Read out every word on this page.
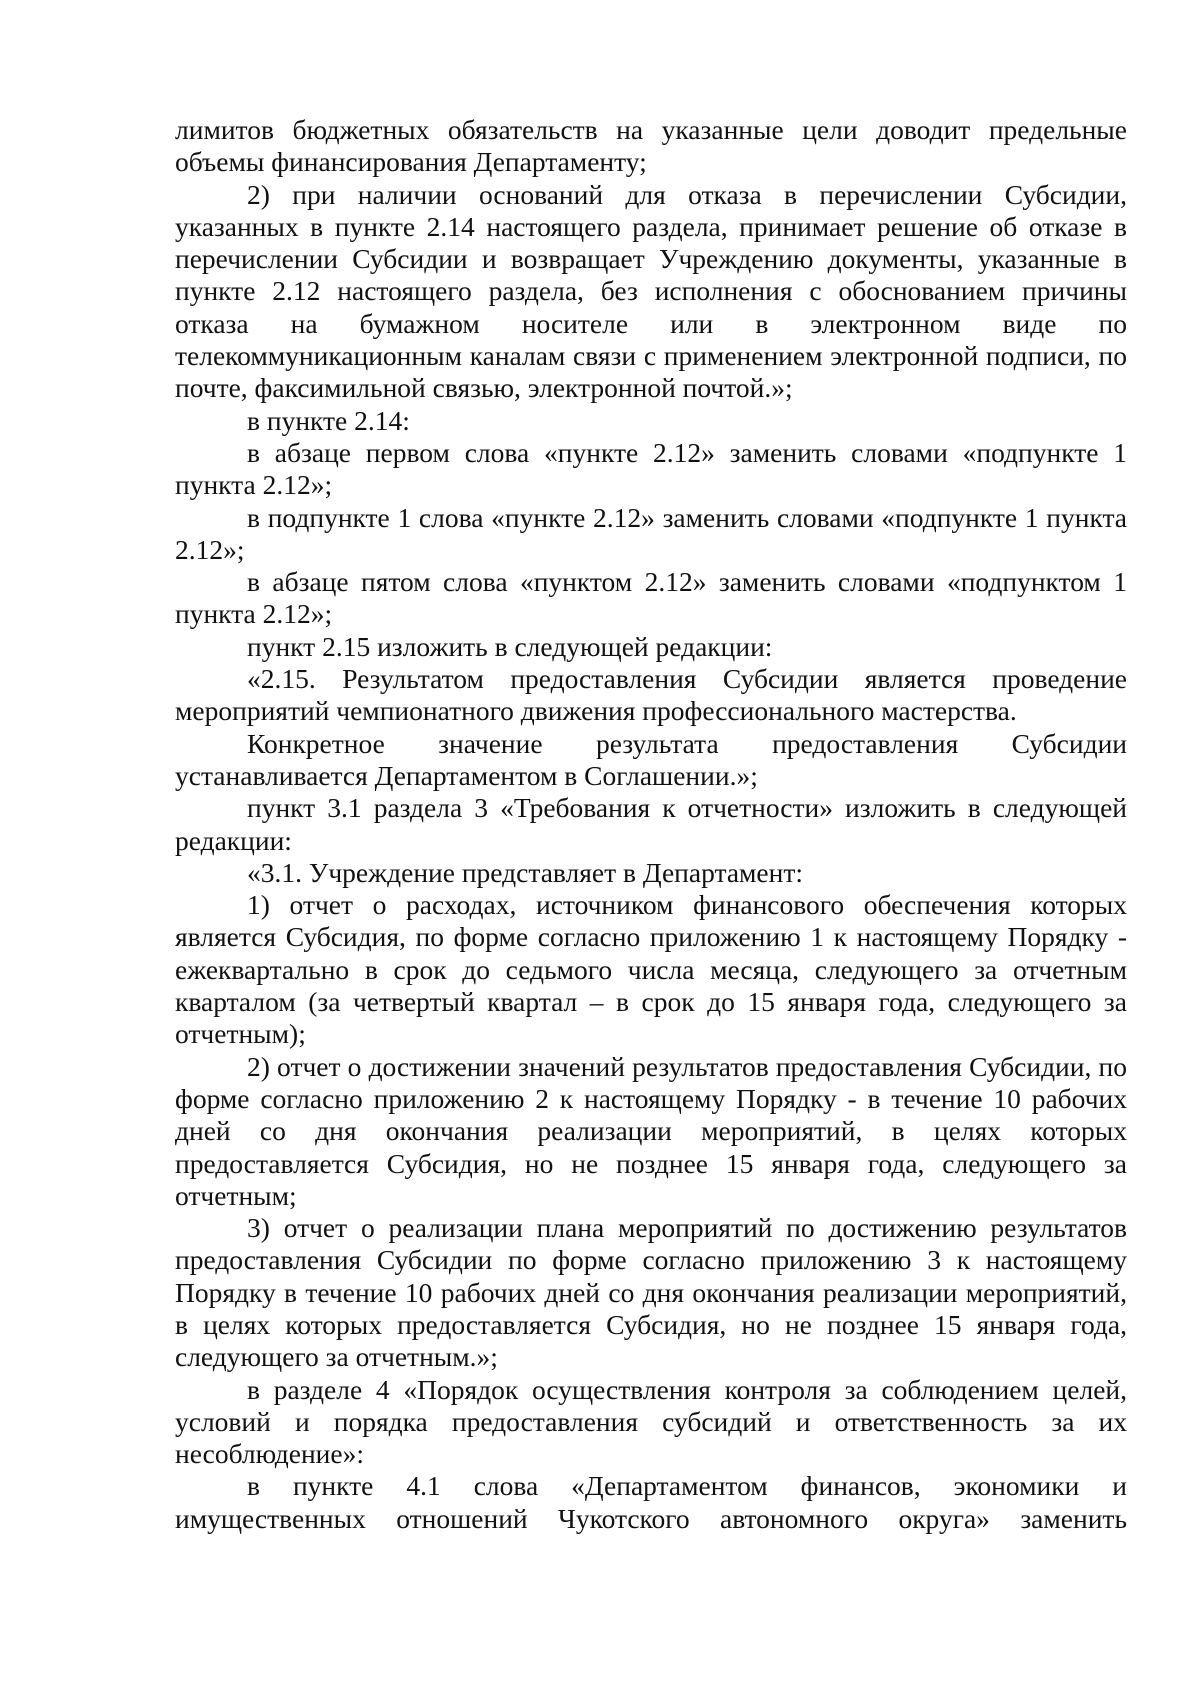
лимитов бюджетных обязательств на указанные цели доводит предельные объемы финансирования Департаменту;

2) при наличии оснований для отказа в перечислении Субсидии, указанных в пункте 2.14 настоящего раздела, принимает решение об отказе в перечислении Субсидии и возвращает Учреждению документы, указанные в пункте 2.12 настоящего раздела, без исполнения с обоснованием причины отказа на бумажном носителе или в электронном виде по телекоммуникационным каналам связи с применением электронной подписи, по почте, факсимильной связью, электронной почтой.»;

в пункте 2.14:

в абзаце первом слова «пункте 2.12» заменить словами «подпункте 1 пункта 2.12»;

в подпункте 1 слова «пункте 2.12» заменить словами «подпункте 1 пункта 2.12»;

в абзаце пятом слова «пунктом 2.12» заменить словами «подпунктом 1 пункта 2.12»;

пункт 2.15 изложить в следующей редакции:

«2.15. Результатом предоставления Субсидии является проведение мероприятий чемпионатного движения профессионального мастерства.

Конкретное значение результата предоставления Субсидии устанавливается Департаментом в Соглашении.»;

пункт 3.1 раздела 3 «Требования к отчетности» изложить в следующей редакции:

«3.1. Учреждение представляет в Департамент:

1) отчет о расходах, источником финансового обеспечения которых является Субсидия, по форме согласно приложению 1 к настоящему Порядку - ежеквартально в срок до седьмого числа месяца, следующего за отчетным кварталом (за четвертый квартал – в срок до 15 января года, следующего за отчетным);

2) отчет о достижении значений результатов предоставления Субсидии, по форме согласно приложению 2 к настоящему Порядку - в течение 10 рабочих дней со дня окончания реализации мероприятий, в целях которых предоставляется Субсидия, но не позднее 15 января года, следующего за отчетным;

3) отчет о реализации плана мероприятий по достижению результатов предоставления Субсидии по форме согласно приложению 3 к настоящему Порядку в течение 10 рабочих дней со дня окончания реализации мероприятий, в целях которых предоставляется Субсидия, но не позднее 15 января года, следующего за отчетным.»;

в разделе 4 «Порядок осуществления контроля за соблюдением целей, условий и порядка предоставления субсидий и ответственность за их несоблюдение»:

в пункте 4.1 слова «Департаментом финансов, экономики и имущественных отношений Чукотского автономного округа» заменить
